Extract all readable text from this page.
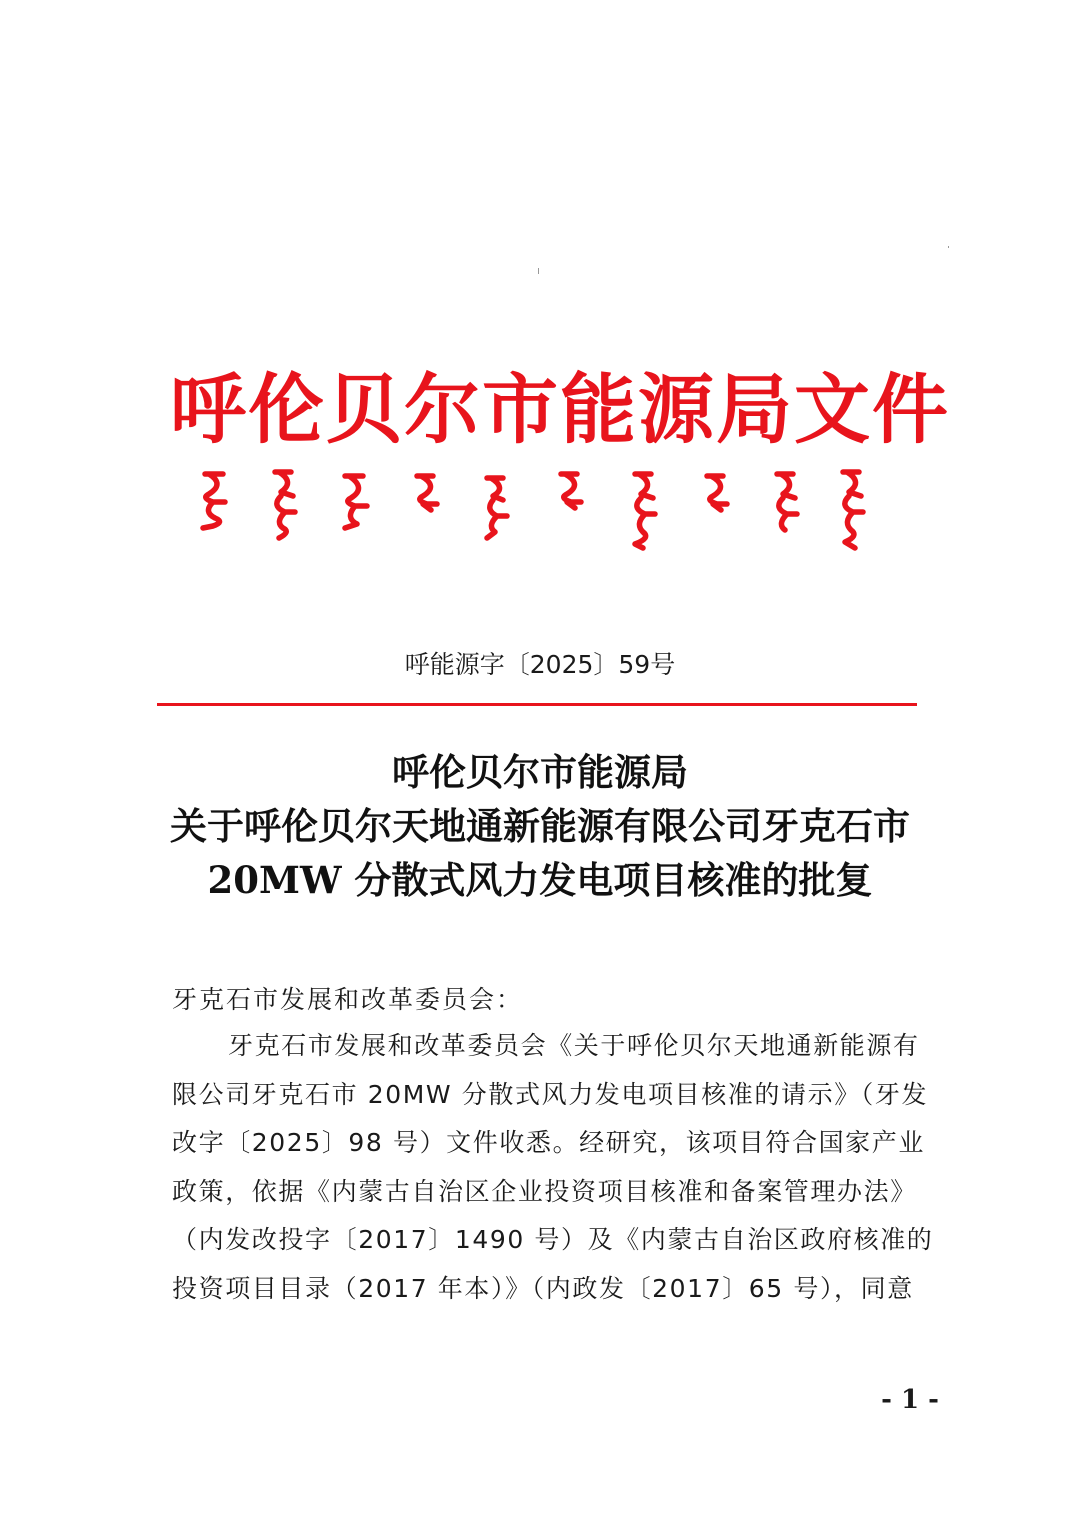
呼伦贝尔市能源局文件
呼能源字〔2025〕59号
呼伦贝尔市能源局
关于呼伦贝尔天地通新能源有限公司牙克石市
20MW 分散式风力发电项目核准的批复
牙克石市发展和改革委员会：
牙克石市发展和改革委员会《关于呼伦贝尔天地通新能源有
限公司牙克石市 20MW 分散式风力发电项目核准的请示》（牙发
改字〔2025〕98 号）文件收悉。经研究，该项目符合国家产业
政策，依据《内蒙古自治区企业投资项目核准和备案管理办法》
（内发改投字〔2017〕1490 号）及《内蒙古自治区政府核准的
投资项目目录（2017 年本）》（内政发〔2017〕65 号），同意
- 1 -
